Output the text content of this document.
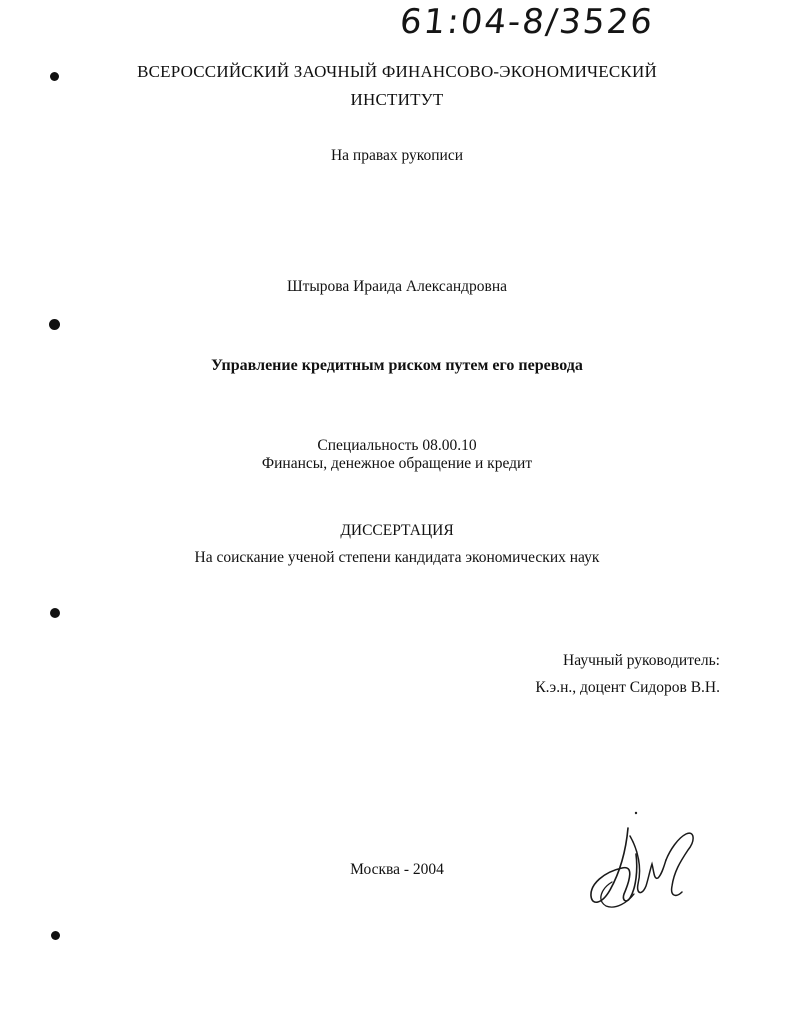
61:04-8/3526
ВСЕРОССИЙСКИЙ ЗАОЧНЫЙ ФИНАНСОВО-ЭКОНОМИЧЕСКИЙ
ИНСТИТУТ
На правах рукописи
Штырова Ираида Александровна
Управление кредитным риском путем его перевода
Специальность 08.00.10
Финансы, денежное обращение и кредит
ДИССЕРТАЦИЯ
На соискание ученой степени кандидата экономических наук
Научный руководитель:
К.э.н., доцент Сидоров В.Н.
Москва - 2004
